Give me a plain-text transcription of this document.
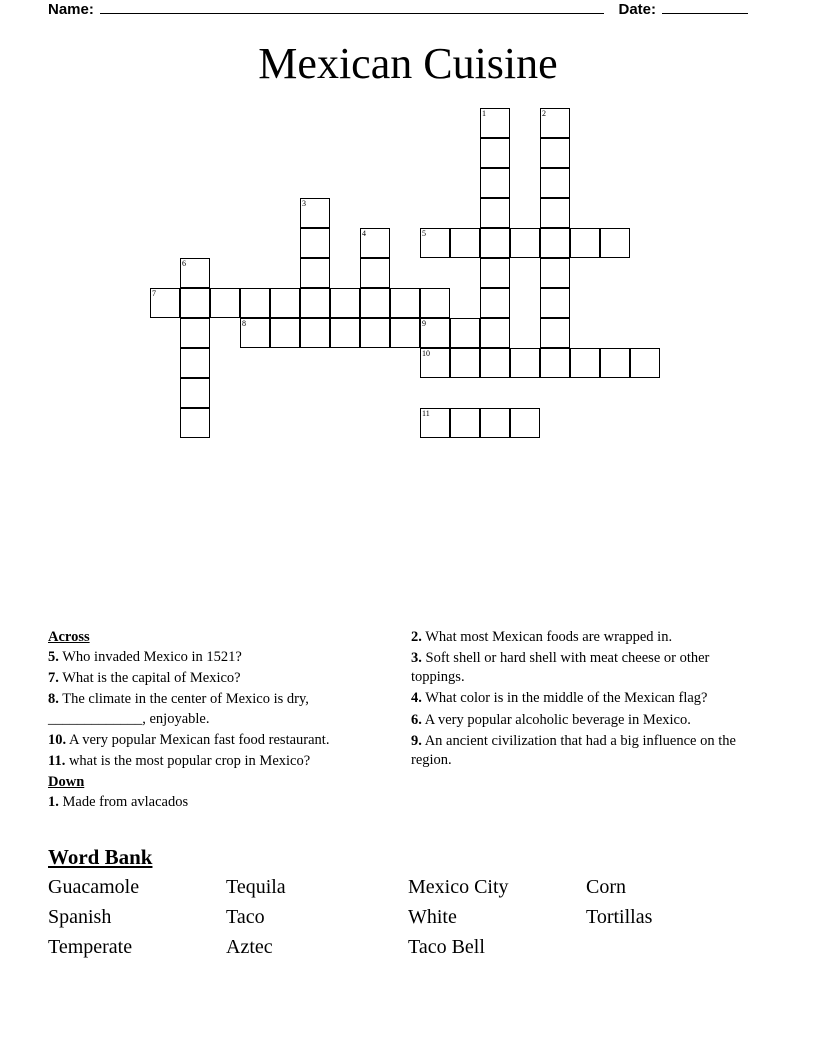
Name:	Date:
Mexican Cuisine
1	2
3
4	5
6
7
8	9
10
11
Across
5. Who invaded Mexico in 1521?
7. What is the capital of Mexico?
8. The climate in the center of Mexico is dry, _____________, enjoyable.
10. A very popular Mexican fast food restaurant.
11. what is the most popular crop in Mexico?
Down
1. Made from avlacados
2. What most Mexican foods are wrapped in.
3. Soft shell or hard shell with meat cheese or other toppings.
4. What color is in the middle of the Mexican flag?
6. A very popular alcoholic beverage in Mexico.
9. An ancient civilization that had a big influence on the region.
Word Bank
Guacamole	Tequila	Mexico City	Corn
Spanish	Taco	White	Tortillas
Temperate	Aztec	Taco Bell
